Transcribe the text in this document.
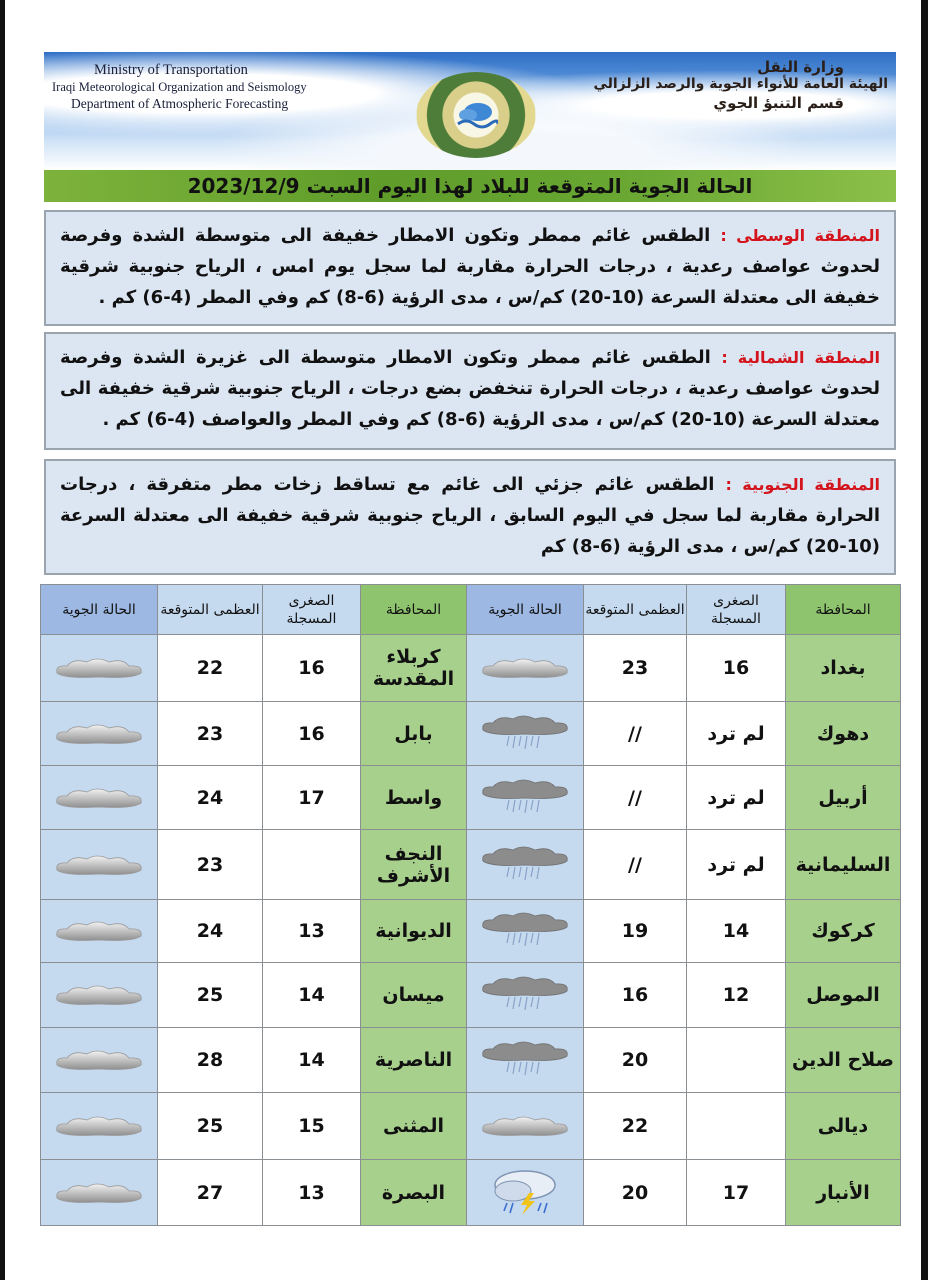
Ministry of Transportation
Iraqi Meteorological Organization and Seismology
Department of Atmospheric Forecasting
وزارة النقل
الهيئة العامة للأنواء الجوية والرصد الزلزالي
قسم التنبؤ الجوي
الحالة الجوية المتوقعة للبلاد لهذا اليوم السبت 2023/12/9
المنطقة الوسطى : الطقس غائم ممطر وتكون الامطار خفيفة الى متوسطة الشدة وفرصة لحدوث عواصف رعدية ، درجات الحرارة مقاربة لما سجل يوم امس ، الرياح جنوبية شرقية خفيفة الى معتدلة السرعة (10-20) كم/س ، مدى الرؤية (6-8) كم وفي المطر (4-6) كم .
المنطقة الشمالية : الطقس غائم ممطر وتكون الامطار متوسطة الى غزيرة الشدة وفرصة لحدوث عواصف رعدية ، درجات الحرارة تنخفض بضع درجات ، الرياح جنوبية شرقية خفيفة الى معتدلة السرعة (10-20) كم/س ، مدى الرؤية (6-8) كم وفي المطر والعواصف (4-6) كم .
المنطقة الجنوبية : الطقس غائم جزئي الى غائم مع تساقط زخات مطر متفرقة ، درجات الحرارة مقاربة لما سجل في اليوم السابق ، الرياح جنوبية شرقية خفيفة الى معتدلة السرعة (10-20) كم/س ، مدى الرؤية (6-8) كم
الحالة الجوية	العظمى المتوقعة	الصغرى المسجلة	المحافظة	الحالة الجوية	العظمى المتوقعة	الصغرى المسجلة	المحافظة

	22	16	كربلاء المقدسة		23	16	بغداد

	23	16	بابل		//	لم ترد	دهوك

	24	17	واسط		//	لم ترد	أربيل

	23		النجف الأشرف		//	لم ترد	السليمانية

	24	13	الديوانية		19	14	كركوك

	25	14	ميسان		16	12	الموصل

	28	14	الناصرية		20		صلاح الدين

	25	15	المثنى		22		ديالى

	27	13	البصرة		20	17	الأنبار
